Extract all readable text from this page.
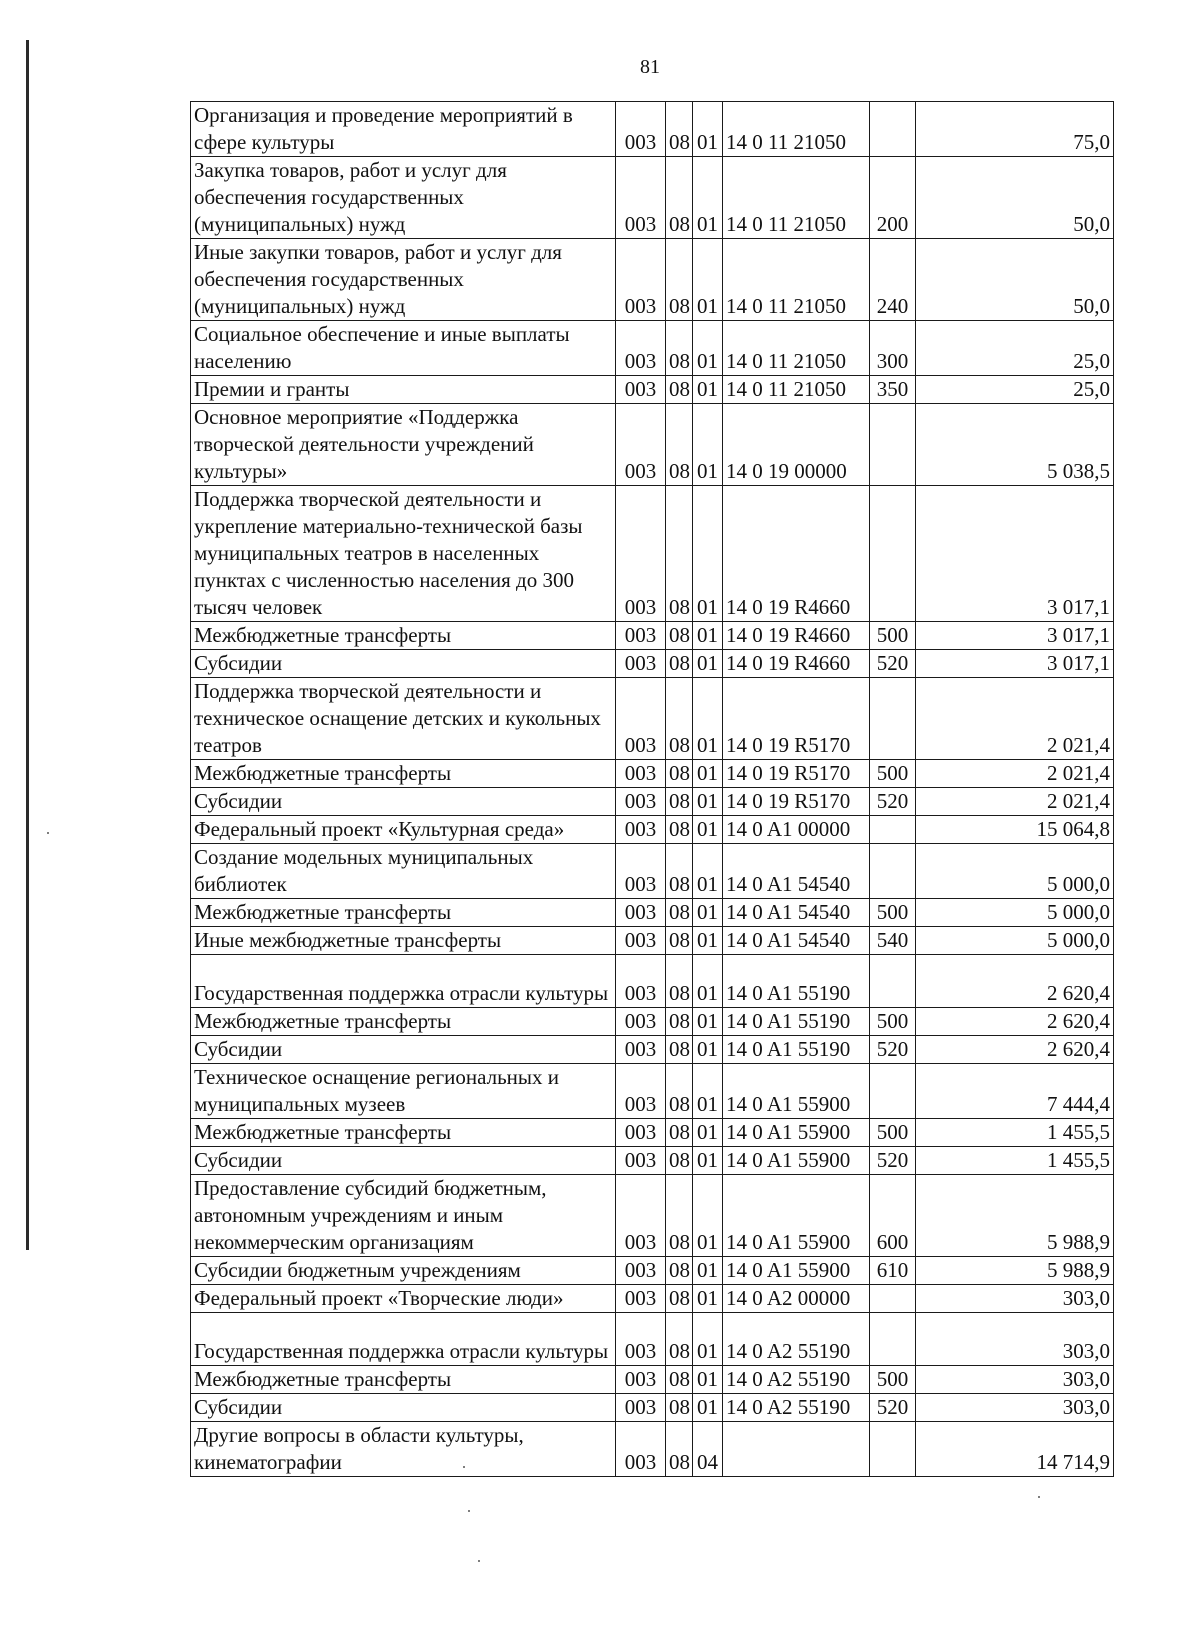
81
Организация и проведение мероприятий в сфере культуры	003	08	01	14 0 11 21050		75,0
Закупка товаров, работ и услуг для обеспечения государственных (муниципальных) нужд	003	08	01	14 0 11 21050	200	50,0
Иные закупки товаров, работ и услуг для обеспечения государственных (муниципальных) нужд	003	08	01	14 0 11 21050	240	50,0
Социальное обеспечение и иные выплаты населению	003	08	01	14 0 11 21050	300	25,0
Премии и гранты	003	08	01	14 0 11 21050	350	25,0
Основное мероприятие «Поддержка творческой деятельности учреждений культуры»	003	08	01	14 0 19 00000		5 038,5
Поддержка творческой деятельности и укрепление материально-технической базы муниципальных театров в населенных пунктах с численностью населения до 300 тысяч человек	003	08	01	14 0 19 R4660		3 017,1
Межбюджетные трансферты	003	08	01	14 0 19 R4660	500	3 017,1
Субсидии	003	08	01	14 0 19 R4660	520	3 017,1
Поддержка творческой деятельности и техническое оснащение детских и кукольных театров	003	08	01	14 0 19 R5170		2 021,4
Межбюджетные трансферты	003	08	01	14 0 19 R5170	500	2 021,4
Субсидии	003	08	01	14 0 19 R5170	520	2 021,4
Федеральный проект «Культурная среда»	003	08	01	14 0 A1 00000		15 064,8
Создание модельных муниципальных библиотек	003	08	01	14 0 A1 54540		5 000,0
Межбюджетные трансферты	003	08	01	14 0 A1 54540	500	5 000,0
Иные межбюджетные трансферты	003	08	01	14 0 A1 54540	540	5 000,0
Государственная поддержка отрасли культуры	003	08	01	14 0 A1 55190		2 620,4
Межбюджетные трансферты	003	08	01	14 0 A1 55190	500	2 620,4
Субсидии	003	08	01	14 0 A1 55190	520	2 620,4
Техническое оснащение региональных и муниципальных музеев	003	08	01	14 0 A1 55900		7 444,4
Межбюджетные трансферты	003	08	01	14 0 A1 55900	500	1 455,5
Субсидии	003	08	01	14 0 A1 55900	520	1 455,5
Предоставление субсидий бюджетным, автономным учреждениям и иным некоммерческим организациям	003	08	01	14 0 A1 55900	600	5 988,9
Субсидии бюджетным учреждениям	003	08	01	14 0 A1 55900	610	5 988,9
Федеральный проект «Творческие люди»	003	08	01	14 0 A2 00000		303,0
Государственная поддержка отрасли культуры	003	08	01	14 0 A2 55190		303,0
Межбюджетные трансферты	003	08	01	14 0 A2 55190	500	303,0
Субсидии	003	08	01	14 0 A2 55190	520	303,0
Другие вопросы в области культуры, кинематографии	003	08	04			14 714,9
